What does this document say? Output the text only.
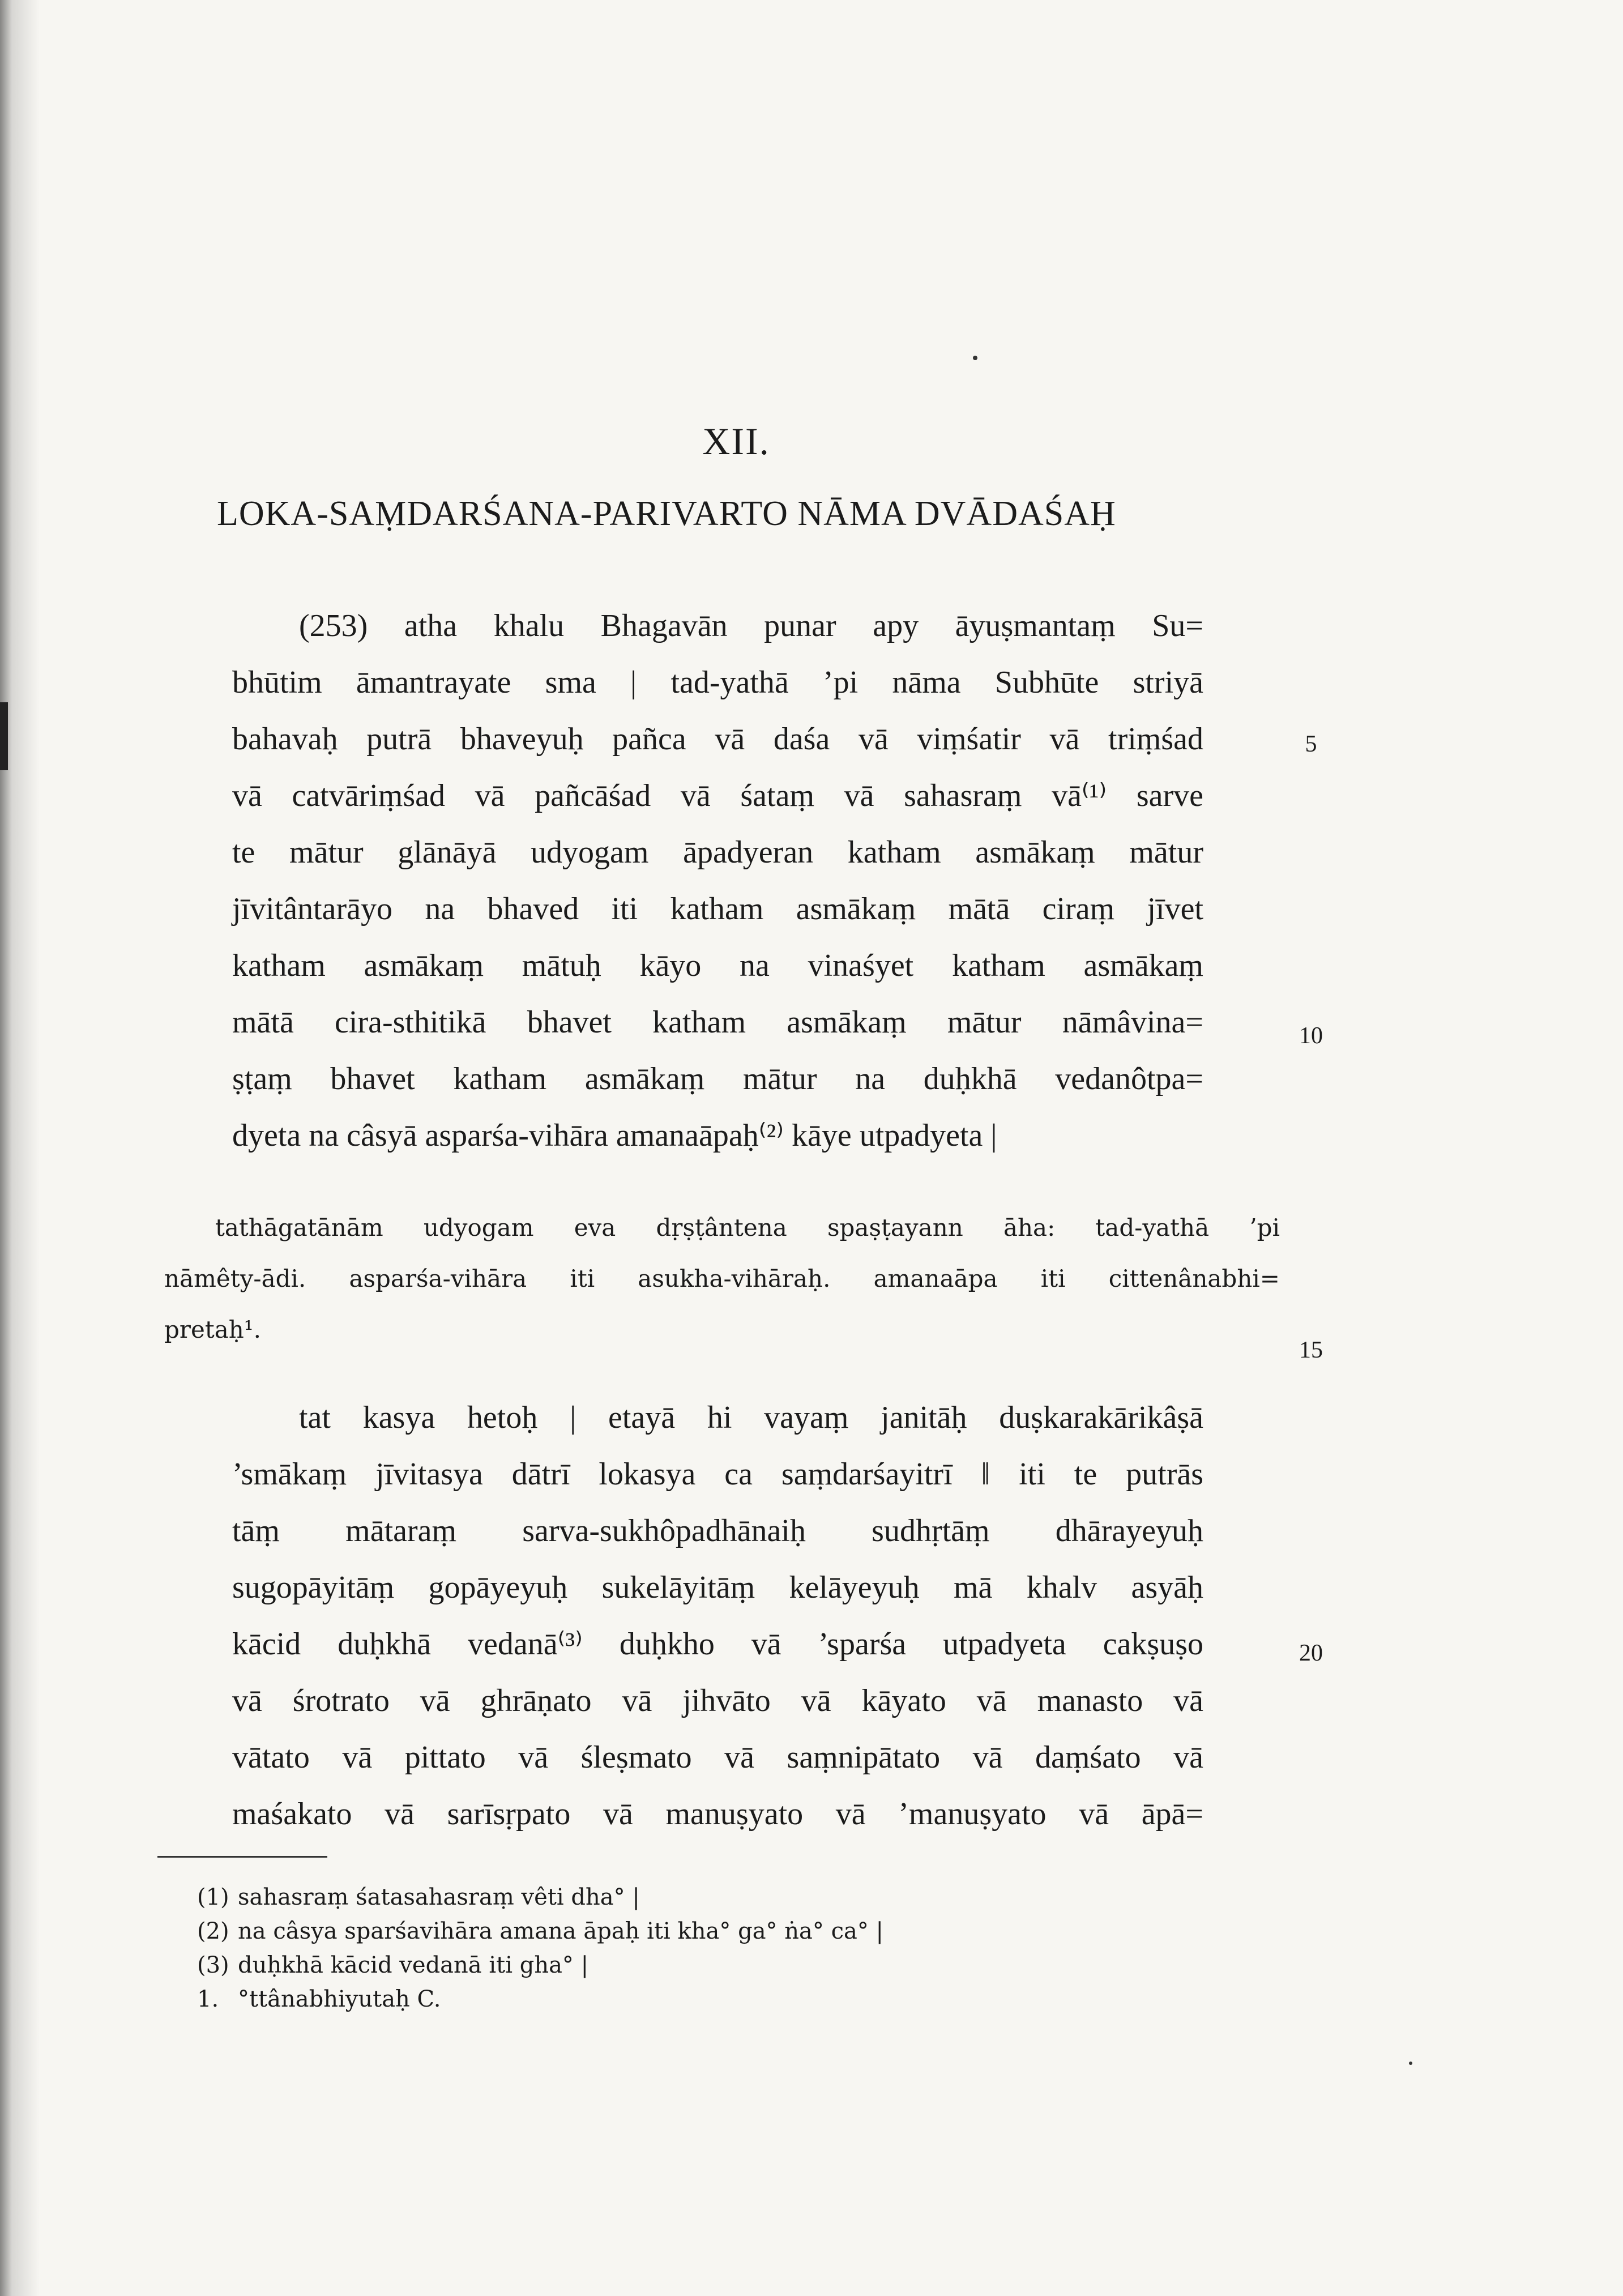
XII.
LOKA-SAṂDARŚANA-PARIVARTO NĀMA DVĀDAŚAḤ
(253) atha khalu Bhagavān punar apy āyuṣmantaṃ Su=
bhūtim āmantrayate sma | tad-yathā ’pi nāma Subhūte striyā
bahavaḥ putrā bhaveyuḥ pañca vā daśa vā viṃśatir vā triṃśad
vā catvāriṃśad vā pañcāśad vā śataṃ vā sahasraṃ vā⁽¹⁾ sarve
te mātur glānāyā udyogam āpadyeran katham asmākaṃ mātur
jīvitântarāyo na bhaved iti katham asmākaṃ mātā ciraṃ jīvet
katham asmākaṃ mātuḥ kāyo na vinaśyet katham asmākaṃ
mātā cira-sthitikā bhavet katham asmākaṃ mātur nāmâvina=
ṣṭaṃ bhavet katham asmākaṃ mātur na duḥkhā vedanôtpa=
dyeta na câsyā asparśa-vihāra amanaāpaḥ⁽²⁾ kāye utpadyeta |
tathāgatānām udyogam eva dṛṣṭântena spaṣṭayann āha: tad-yathā ’pi
nāmêty-ādi. asparśa-vihāra iti asukha-vihāraḥ. amanaāpa iti cittenânabhi=
pretaḥ¹.
tat kasya hetoḥ | etayā hi vayaṃ janitāḥ duṣkarakārikâṣā
’smākaṃ jīvitasya dātrī lokasya ca saṃdarśayitrī ‖ iti te putrās
tāṃ mātaraṃ sarva-sukhôpadhānaiḥ sudhṛtāṃ dhārayeyuḥ
sugopāyitāṃ gopāyeyuḥ sukelāyitāṃ kelāyeyuḥ mā khalv asyāḥ
kācid duḥkhā vedanā⁽³⁾ duḥkho vā ’sparśa utpadyeta cakṣuṣo
vā śrotrato vā ghrāṇato vā jihvāto vā kāyato vā manasto vā
vātato vā pittato vā śleṣmato vā saṃnipātato vā daṃśato vā
maśakato vā sarīsṛpato vā manuṣyato vā ’manuṣyato vā āpā=
5
10
15
20
(1) sahasraṃ śatasahasraṃ vêti dha° |
(2) na câsya sparśavihāra amana āpaḥ iti kha° ga° ṅa° ca° |
(3) duḥkhā kācid vedanā iti gha° |
1. °ttânabhiyutaḥ C.
